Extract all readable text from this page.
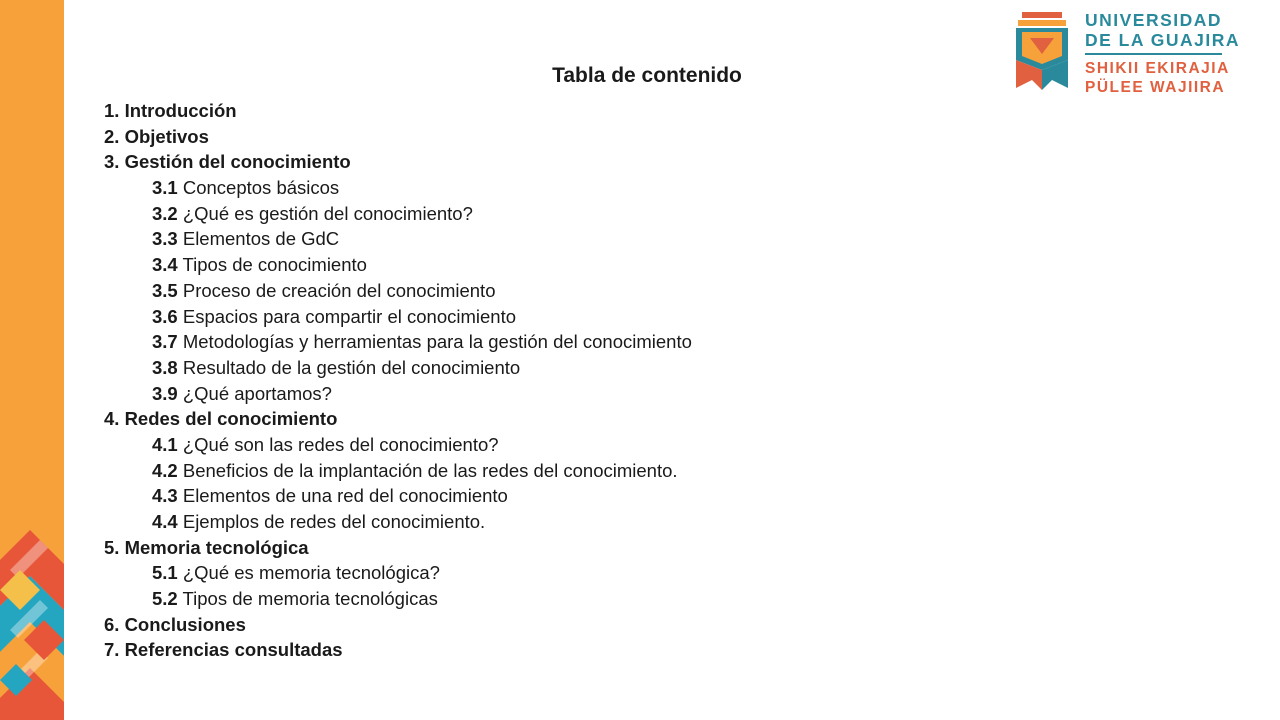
UNIVERSIDAD
DE LA GUAJIRA
SHIKII EKIRAJIA
PÜLEE WAJIIRA
Tabla de contenido
1. Introducción
2. Objetivos
3. Gestión del conocimiento
3.1 Conceptos básicos
3.2 ¿Qué es gestión del conocimiento?
3.3 Elementos de GdC
3.4 Tipos de conocimiento
3.5 Proceso de creación del conocimiento
3.6 Espacios para compartir el conocimiento
3.7 Metodologías y herramientas para la gestión del conocimiento
3.8 Resultado de la gestión del conocimiento
3.9 ¿Qué aportamos?
4. Redes del conocimiento
4.1 ¿Qué son las redes del conocimiento?
4.2 Beneficios de la implantación de las redes del conocimiento.
4.3 Elementos de una red del conocimiento
4.4 Ejemplos de redes del conocimiento.
5. Memoria tecnológica
5.1 ¿Qué es memoria tecnológica?
5.2 Tipos de memoria tecnológicas
6. Conclusiones
7. Referencias consultadas
